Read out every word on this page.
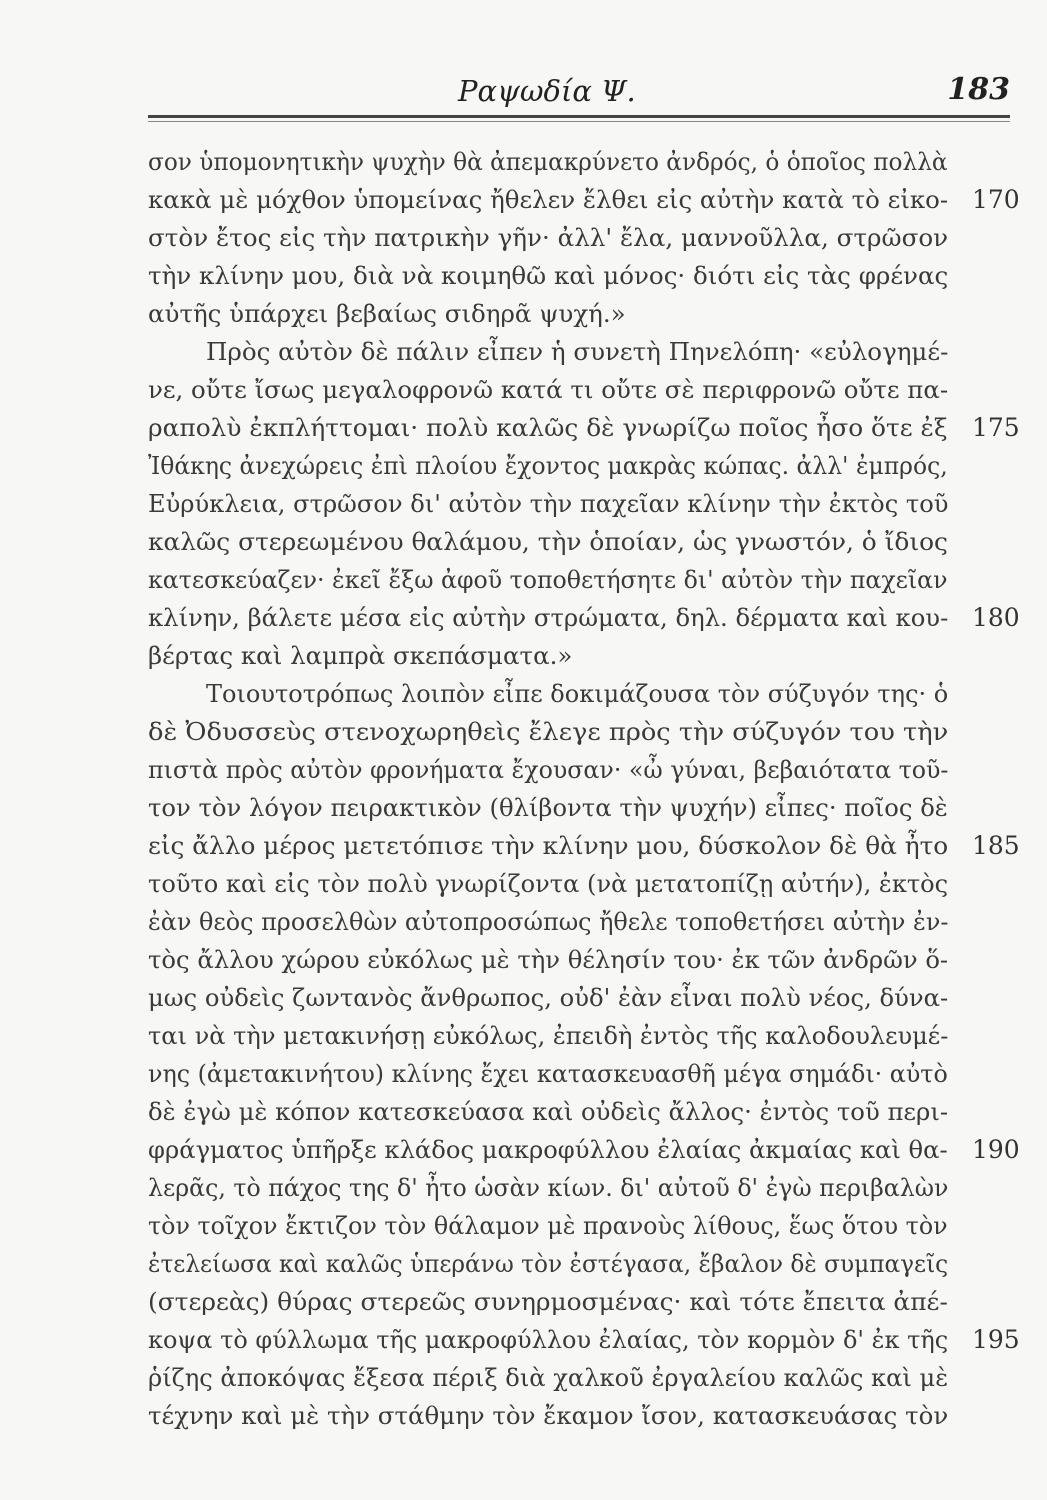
Ραψωδία Ψ.	183
σον ὑπομονητικὴν ψυχὴν θὰ ἀπεμακρύνετο ἀνδρός, ὁ ὁποῖος πολλὰ
κακὰ μὲ μόχθον ὑπομείνας ἤθελεν ἔλθει εἰς αὐτὴν κατὰ τὸ εἰκο-
στὸν ἔτος εἰς τὴν πατρικὴν γῆν· ἀλλ' ἔλα, μαννοῦλλα, στρῶσον
τὴν κλίνην μου, διὰ νὰ κοιμηθῶ καὶ μόνος· διότι εἰς τὰς φρένας
αὐτῆς ὑπάρχει βεβαίως σιδηρᾶ ψυχή.»
Πρὸς αὐτὸν δὲ πάλιν εἶπεν ἡ συνετὴ Πηνελόπη· «εὐλογημέ-
νε, οὔτε ἴσως μεγαλοφρονῶ κατά τι οὔτε σὲ περιφρονῶ οὔτε πα-
ραπολὺ ἐκπλήττομαι· πολὺ καλῶς δὲ γνωρίζω ποῖος ἦσο ὅτε ἐξ
Ἰθάκης ἀνεχώρεις ἐπὶ πλοίου ἔχοντος μακρὰς κώπας. ἀλλ' ἐμπρός,
Εὐρύκλεια, στρῶσον δι' αὐτὸν τὴν παχεῖαν κλίνην τὴν ἐκτὸς τοῦ
καλῶς στερεωμένου θαλάμου, τὴν ὁποίαν, ὡς γνωστόν, ὁ ἴδιος
κατεσκεύαζεν· ἐκεῖ ἔξω ἀφοῦ τοποθετήσητε δι' αὐτὸν τὴν παχεῖαν
κλίνην, βάλετε μέσα εἰς αὐτὴν στρώματα, δηλ. δέρματα καὶ κου-
βέρτας καὶ λαμπρὰ σκεπάσματα.»
Τοιουτοτρόπως λοιπὸν εἶπε δοκιμάζουσα τὸν σύζυγόν της· ὁ
δὲ Ὀδυσσεὺς στενοχωρηθεὶς ἔλεγε πρὸς τὴν σύζυγόν του τὴν
πιστὰ πρὸς αὐτὸν φρονήματα ἔχουσαν· «ὦ γύναι, βεβαιότατα τοῦ-
τον τὸν λόγον πειρακτικὸν (θλίβοντα τὴν ψυχήν) εἶπες· ποῖος δὲ
εἰς ἄλλο μέρος μετετόπισε τὴν κλίνην μου, δύσκολον δὲ θὰ ἦτο
τοῦτο καὶ εἰς τὸν πολὺ γνωρίζοντα (νὰ μετατοπίζῃ αὐτήν), ἐκτὸς
ἐὰν θεὸς προσελθὼν αὐτοπροσώπως ἤθελε τοποθετήσει αὐτὴν ἐν-
τὸς ἄλλου χώρου εὐκόλως μὲ τὴν θέλησίν του· ἐκ τῶν ἀνδρῶν ὅ-
μως οὐδεὶς ζωντανὸς ἄνθρωπος, οὐδ' ἐὰν εἶναι πολὺ νέος, δύνα-
ται νὰ τὴν μετακινήσῃ εὐκόλως, ἐπειδὴ ἐντὸς τῆς καλοδουλευμέ-
νης (ἀμετακινήτου) κλίνης ἔχει κατασκευασθῆ μέγα σημάδι· αὐτὸ
δὲ ἐγὼ μὲ κόπον κατεσκεύασα καὶ οὐδεὶς ἄλλος· ἐντὸς τοῦ περι-
φράγματος ὑπῆρξε κλάδος μακροφύλλου ἐλαίας ἀκμαίας καὶ θα-
λερᾶς, τὸ πάχος της δ' ἦτο ὡσὰν κίων. δι' αὐτοῦ δ' ἐγὼ περιβαλὼν
τὸν τοῖχον ἔκτιζον τὸν θάλαμον μὲ πρανοὺς λίθους, ἕως ὅτου τὸν
ἐτελείωσα καὶ καλῶς ὑπεράνω τὸν ἐστέγασα, ἔβαλον δὲ συμπαγεῖς
(στερεὰς) θύρας στερεῶς συνηρμοσμένας· καὶ τότε ἔπειτα ἀπέ-
κοψα τὸ φύλλωμα τῆς μακροφύλλου ἐλαίας, τὸν κορμὸν δ' ἐκ τῆς
ῥίζης ἀποκόψας ἔξεσα πέριξ διὰ χαλκοῦ ἐργαλείου καλῶς καὶ μὲ
τέχνην καὶ μὲ τὴν στάθμην τὸν ἔκαμον ἴσον, κατασκευάσας τὸν
170
175
180
185
190
195
